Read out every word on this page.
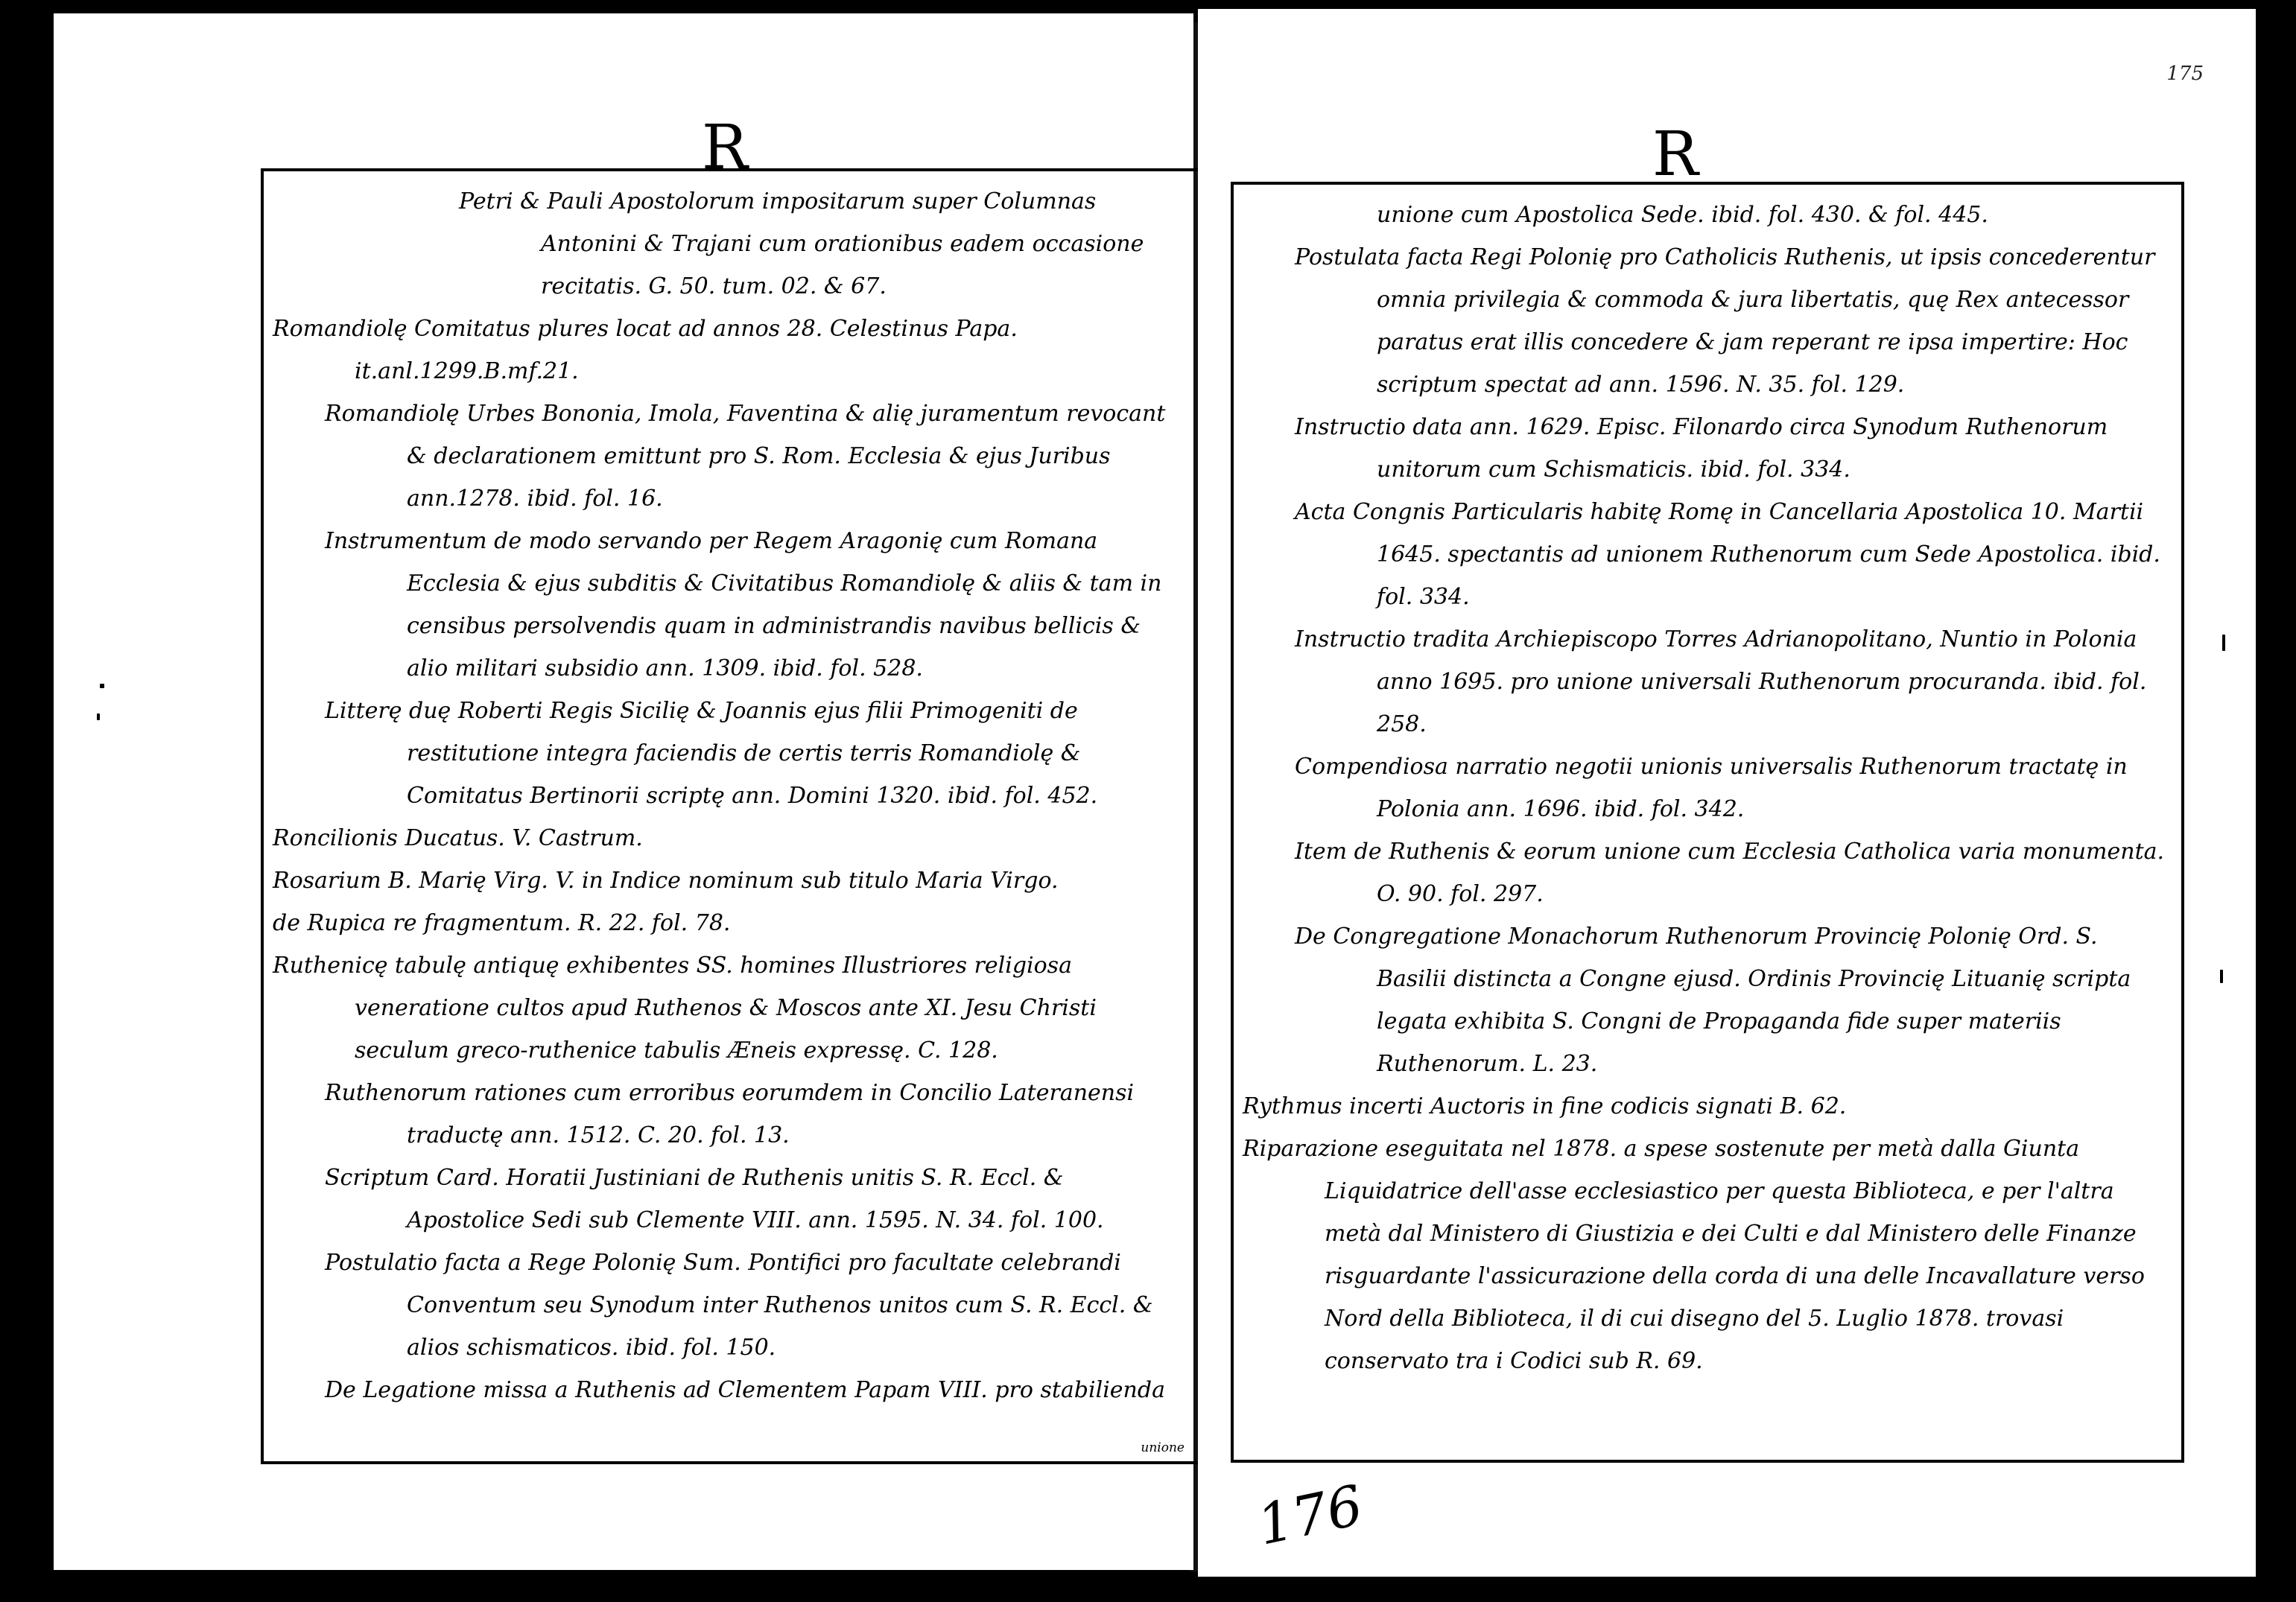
R

Petri & Pauli Apostolorum impositarum super Columnas Antonini & Trajani cum orationibus eadem occasione recitatis. G. 50. tum. 02. & 67.

Romandiolę Comitatus plures locat ad annos 28. Celestinus Papa. it.anl.1299.B.mf.21.

Romandiolę Urbes Bononia, Imola, Faventina & alię juramentum revocant & declarationem emittunt pro S. Rom. Ecclesia & ejus Juribus ann.1278. ibid. fol. 16.

Instrumentum de modo servando per Regem Aragonię cum Romana Ecclesia & ejus subditis & Civitatibus Romandiolę & aliis & tam in censibus persolvendis quam in administrandis navibus bellicis & alio militari subsidio ann. 1309. ibid. fol. 528.

Litterę duę Roberti Regis Sicilię & Joannis ejus filii Primogeniti de restitutione integra faciendis de certis terris Romandiolę & Comitatus Bertinorii scriptę ann. Domini 1320. ibid. fol. 452.

Roncilionis Ducatus. V. Castrum.

Rosarium B. Marię Virg. V. in Indice nominum sub titulo Maria Virgo.

de Rupica re fragmentum. R. 22. fol. 78.

Ruthenicę tabulę antiquę exhibentes SS. homines Illustriores religiosa veneratione cultos apud Ruthenos & Moscos ante XI. Jesu Christi seculum greco-ruthenice tabulis Æneis expressę. C. 128.

Ruthenorum rationes cum erroribus eorumdem in Concilio Lateranensi traductę ann. 1512. C. 20. fol. 13.

Scriptum Card. Horatii Justiniani de Ruthenis unitis S. R. Eccl. & Apostolice Sedi sub Clemente VIII. ann. 1595. N. 34. fol. 100.

Postulatio facta a Rege Polonię Sum. Pontifici pro facultate celebrandi Conventum seu Synodum inter Ruthenos unitos cum S. R. Eccl. & alios schismaticos. ibid. fol. 150.

De Legatione missa a Ruthenis ad Clementem Papam VIII. pro stabilienda

unione
175
R

unione cum Apostolica Sede. ibid. fol. 430. & fol. 445.

Postulata facta Regi Polonię pro Catholicis Ruthenis, ut ipsis concederentur omnia privilegia & commoda & jura libertatis, quę Rex antecessor paratus erat illis concedere & jam reperant re ipsa impertire: Hoc scriptum spectat ad ann. 1596. N. 35. fol. 129.

Instructio data ann. 1629. Episc. Filonardo circa Synodum Ruthenorum unitorum cum Schismaticis. ibid. fol. 334.

Acta Congnis Particularis habitę Romę in Cancellaria Apostolica 10. Martii 1645. spectantis ad unionem Ruthenorum cum Sede Apostolica. ibid. fol. 334.

Instructio tradita Archiepiscopo Torres Adrianopolitano, Nuntio in Polonia anno 1695. pro unione universali Ruthenorum procuranda. ibid. fol. 258.

Compendiosa narratio negotii unionis universalis Ruthenorum tractatę in Polonia ann. 1696. ibid. fol. 342.

Item de Ruthenis & eorum unione cum Ecclesia Catholica varia monumenta. O. 90. fol. 297.

De Congregatione Monachorum Ruthenorum Provincię Polonię Ord. S. Basilii distincta a Congne ejusd. Ordinis Provincię Lituanię scripta legata exhibita S. Congni de Propaganda fide super materiis Ruthenorum. L. 23.

Rythmus incerti Auctoris in fine codicis signati B. 62.

Riparazione eseguitata nel 1878. a spese sostenute per metà dalla Giunta Liquidatrice dell'asse ecclesiastico per questa Biblioteca, e per l'altra metà dal Ministero di Giustizia e dei Culti e dal Ministero delle Finanze risguardante l'assicurazione della corda di una delle Incavallature verso Nord della Biblioteca, il di cui disegno del 5. Luglio 1878. trovasi conservato tra i Codici sub R. 69.

176
